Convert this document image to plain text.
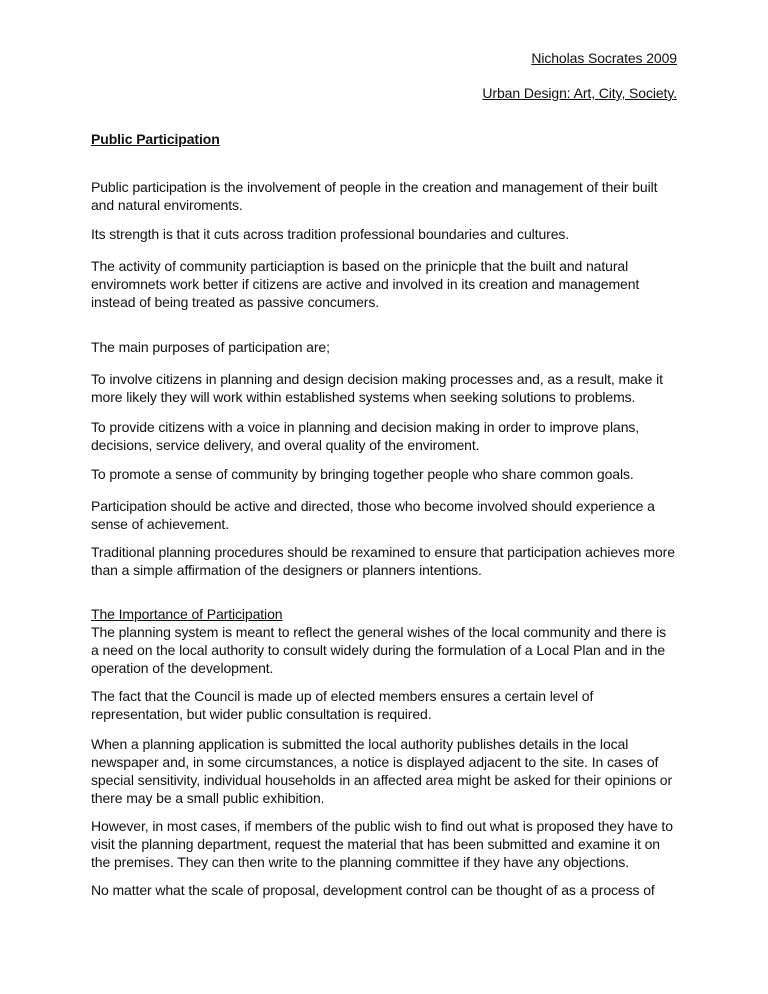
Nicholas Socrates 2009
Urban Design: Art, City, Society.
Public Participation
Public participation is the involvement of people in the creation and management of their built
and natural enviroments.
Its strength is that it cuts across tradition professional boundaries and cultures.
The activity of community particiaption is based on the prinicple that the built and natural
enviromnets work better if citizens are active and involved in its creation and management
instead of being treated as passive concumers.
The main purposes of participation are;
To involve citizens in planning and design decision making processes and, as a result, make it
more likely they will work within established systems when seeking solutions to problems.
To provide citizens with a voice in planning and decision making in order to improve plans,
decisions, service delivery, and overal quality of the enviroment.
To promote a sense of community by bringing together people who share common goals.
Participation should be active and directed, those who become involved should experience a
sense of achievement.
Traditional planning procedures should be rexamined to ensure that participation achieves more
than a simple affirmation of the designers or planners intentions.
The Importance of Participation
The planning system is meant to reflect the general wishes of the local community and there is
a need on the local authority to consult widely during the formulation of a Local Plan and in the
operation of the development.
The fact that the Council is made up of elected members ensures a certain level of
representation, but wider public consultation is required.
When a planning application is submitted the local authority publishes details in the local
newspaper and, in some circumstances, a notice is displayed adjacent to the site. In cases of
special sensitivity, individual households in an affected area might be asked for their opinions or
there may be a small public exhibition.
However, in most cases, if members of the public wish to find out what is proposed they have to
visit the planning department, request the material that has been submitted and examine it on
the premises. They can then write to the planning committee if they have any objections.
No matter what the scale of proposal, development control can be thought of as a process of
